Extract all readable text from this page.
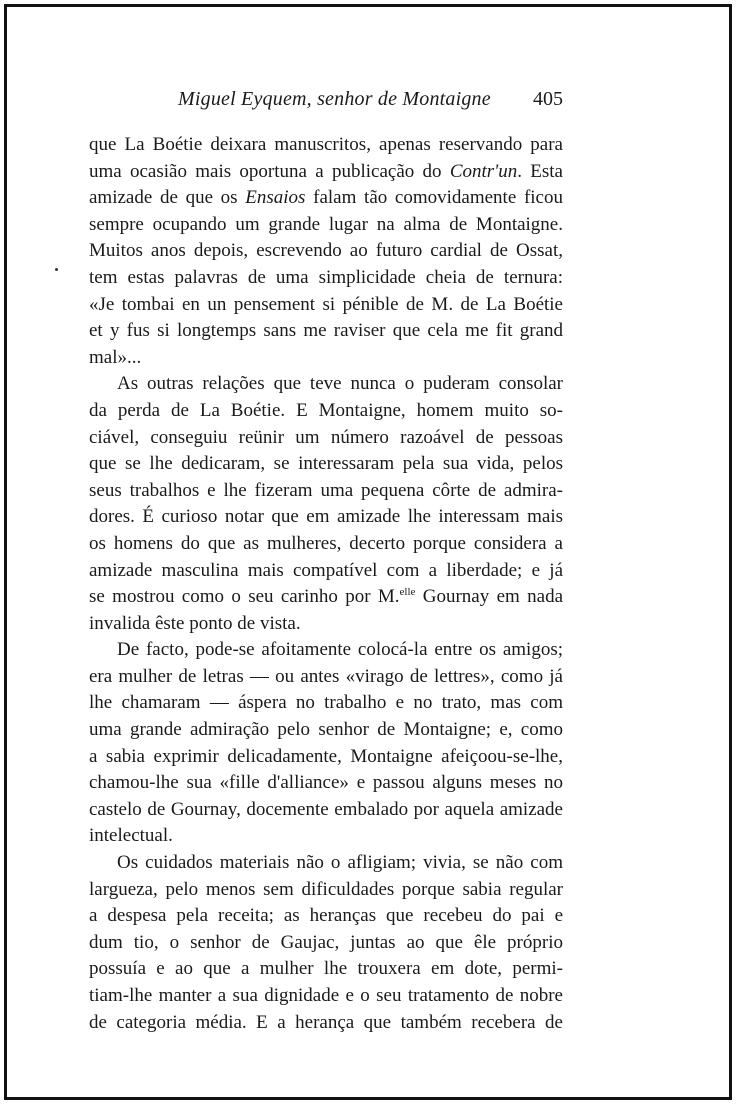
Miguel Eyquem, senhor de Montaigne 405
que La Boétie deixara manuscritos, apenas reservando para
uma ocasião mais oportuna a publicação do Contr'un. Esta
amizade de que os Ensaios falam tão comovidamente ficou
sempre ocupando um grande lugar na alma de Montaigne.
Muitos anos depois, escrevendo ao futuro cardial de Ossat,
tem estas palavras de uma simplicidade cheia de ternura:
«Je tombai en un pensement si pénible de M. de La Boétie
et y fus si longtemps sans me raviser que cela me fit grand
mal»...
As outras relações que teve nunca o puderam consolar
da perda de La Boétie. E Montaigne, homem muito so-
ciável, conseguiu reünir um número razoável de pessoas
que se lhe dedicaram, se interessaram pela sua vida, pelos
seus trabalhos e lhe fizeram uma pequena côrte de admira-
dores. É curioso notar que em amizade lhe interessam mais
os homens do que as mulheres, decerto porque considera a
amizade masculina mais compatível com a liberdade; e já
se mostrou como o seu carinho por M.$^{elle}$ Gournay em nada
invalida êste ponto de vista.
De facto, pode-se afoitamente colocá-la entre os amigos;
era mulher de letras — ou antes «virago de lettres», como já
lhe chamaram — áspera no trabalho e no trato, mas com
uma grande admiração pelo senhor de Montaigne; e, como
a sabia exprimir delicadamente, Montaigne afeiçoou-se-lhe,
chamou-lhe sua «fille d'alliance» e passou alguns meses no
castelo de Gournay, docemente embalado por aquela amizade
intelectual.
Os cuidados materiais não o afligiam; vivia, se não com
largueza, pelo menos sem dificuldades porque sabia regular
a despesa pela receita; as heranças que recebeu do pai e
dum tio, o senhor de Gaujac, juntas ao que êle próprio
possuía e ao que a mulher lhe trouxera em dote, permi-
tiam-lhe manter a sua dignidade e o seu tratamento de nobre
de categoria média. E a herança que também recebera de
